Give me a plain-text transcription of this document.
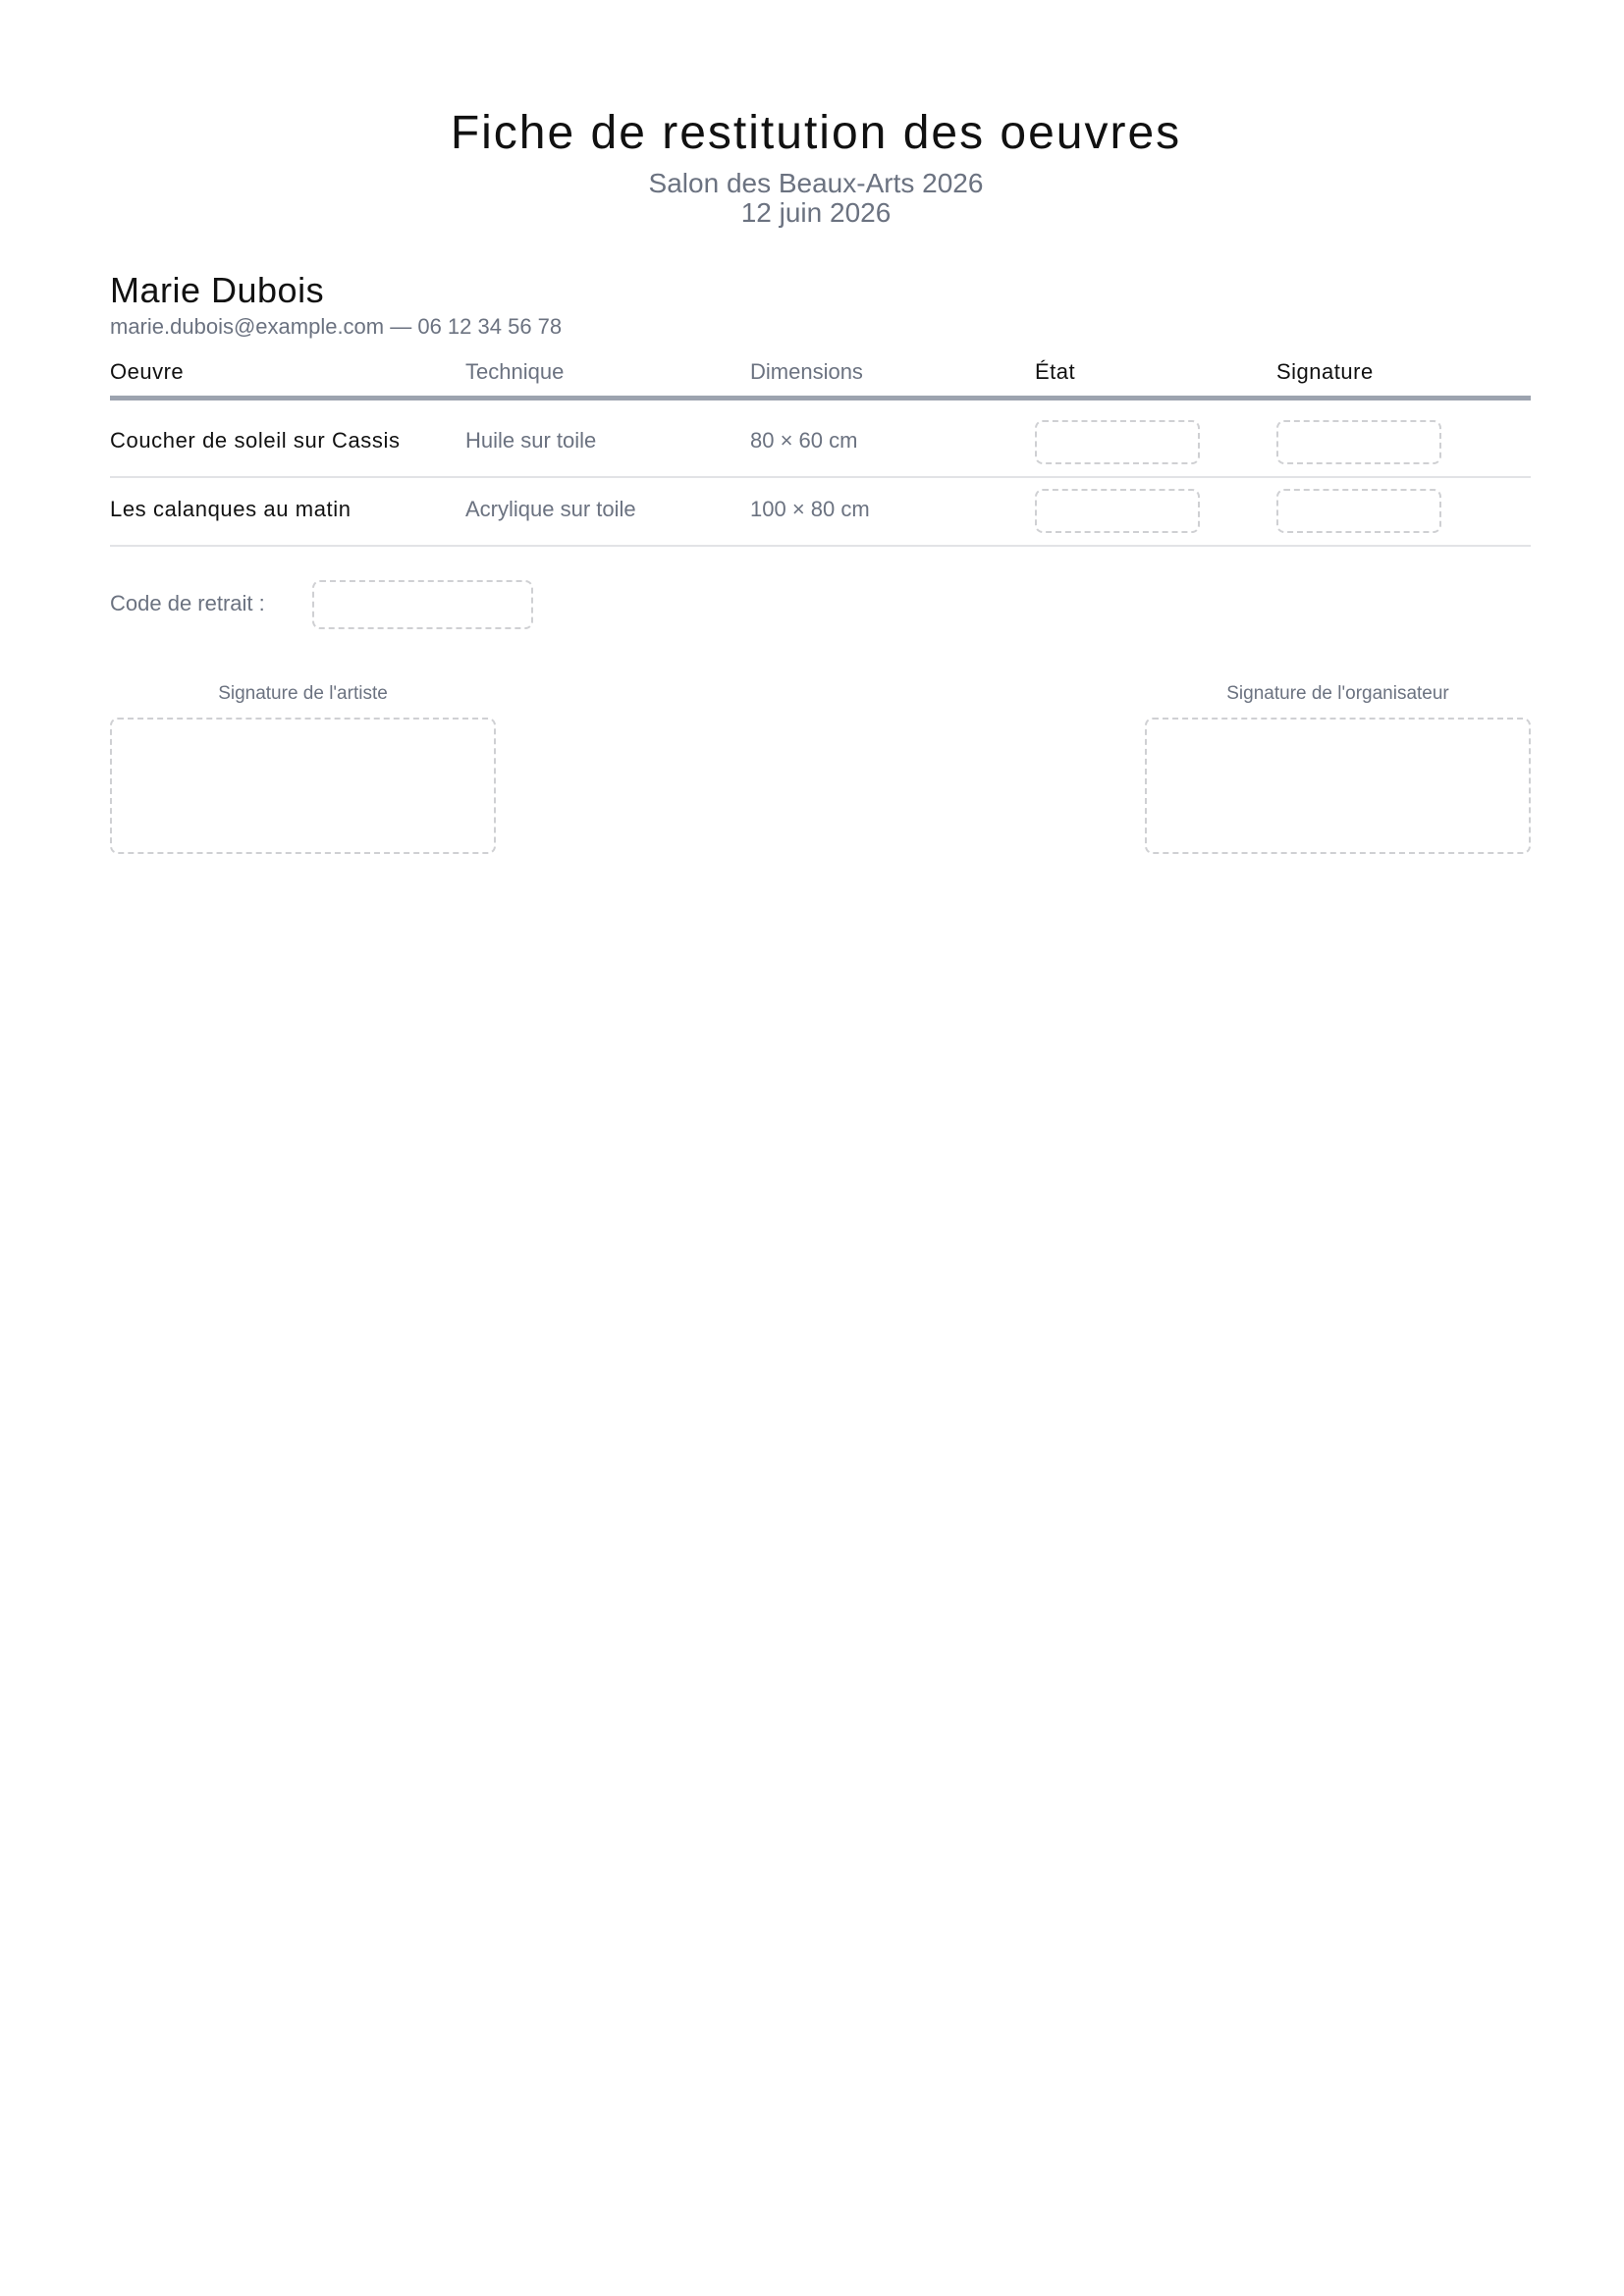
Fiche de restitution des oeuvres
Salon des Beaux-Arts 2026
12 juin 2026
Marie Dubois
marie.dubois@example.com — 06 12 34 56 78
Oeuvre	Technique	Dimensions	État	Signature
Coucher de soleil sur Cassis	Huile sur toile	80 × 60 cm
Les calanques au matin	Acrylique sur toile	100 × 80 cm
Code de retrait :
Signature de l'artiste	Signature de l'organisateur
